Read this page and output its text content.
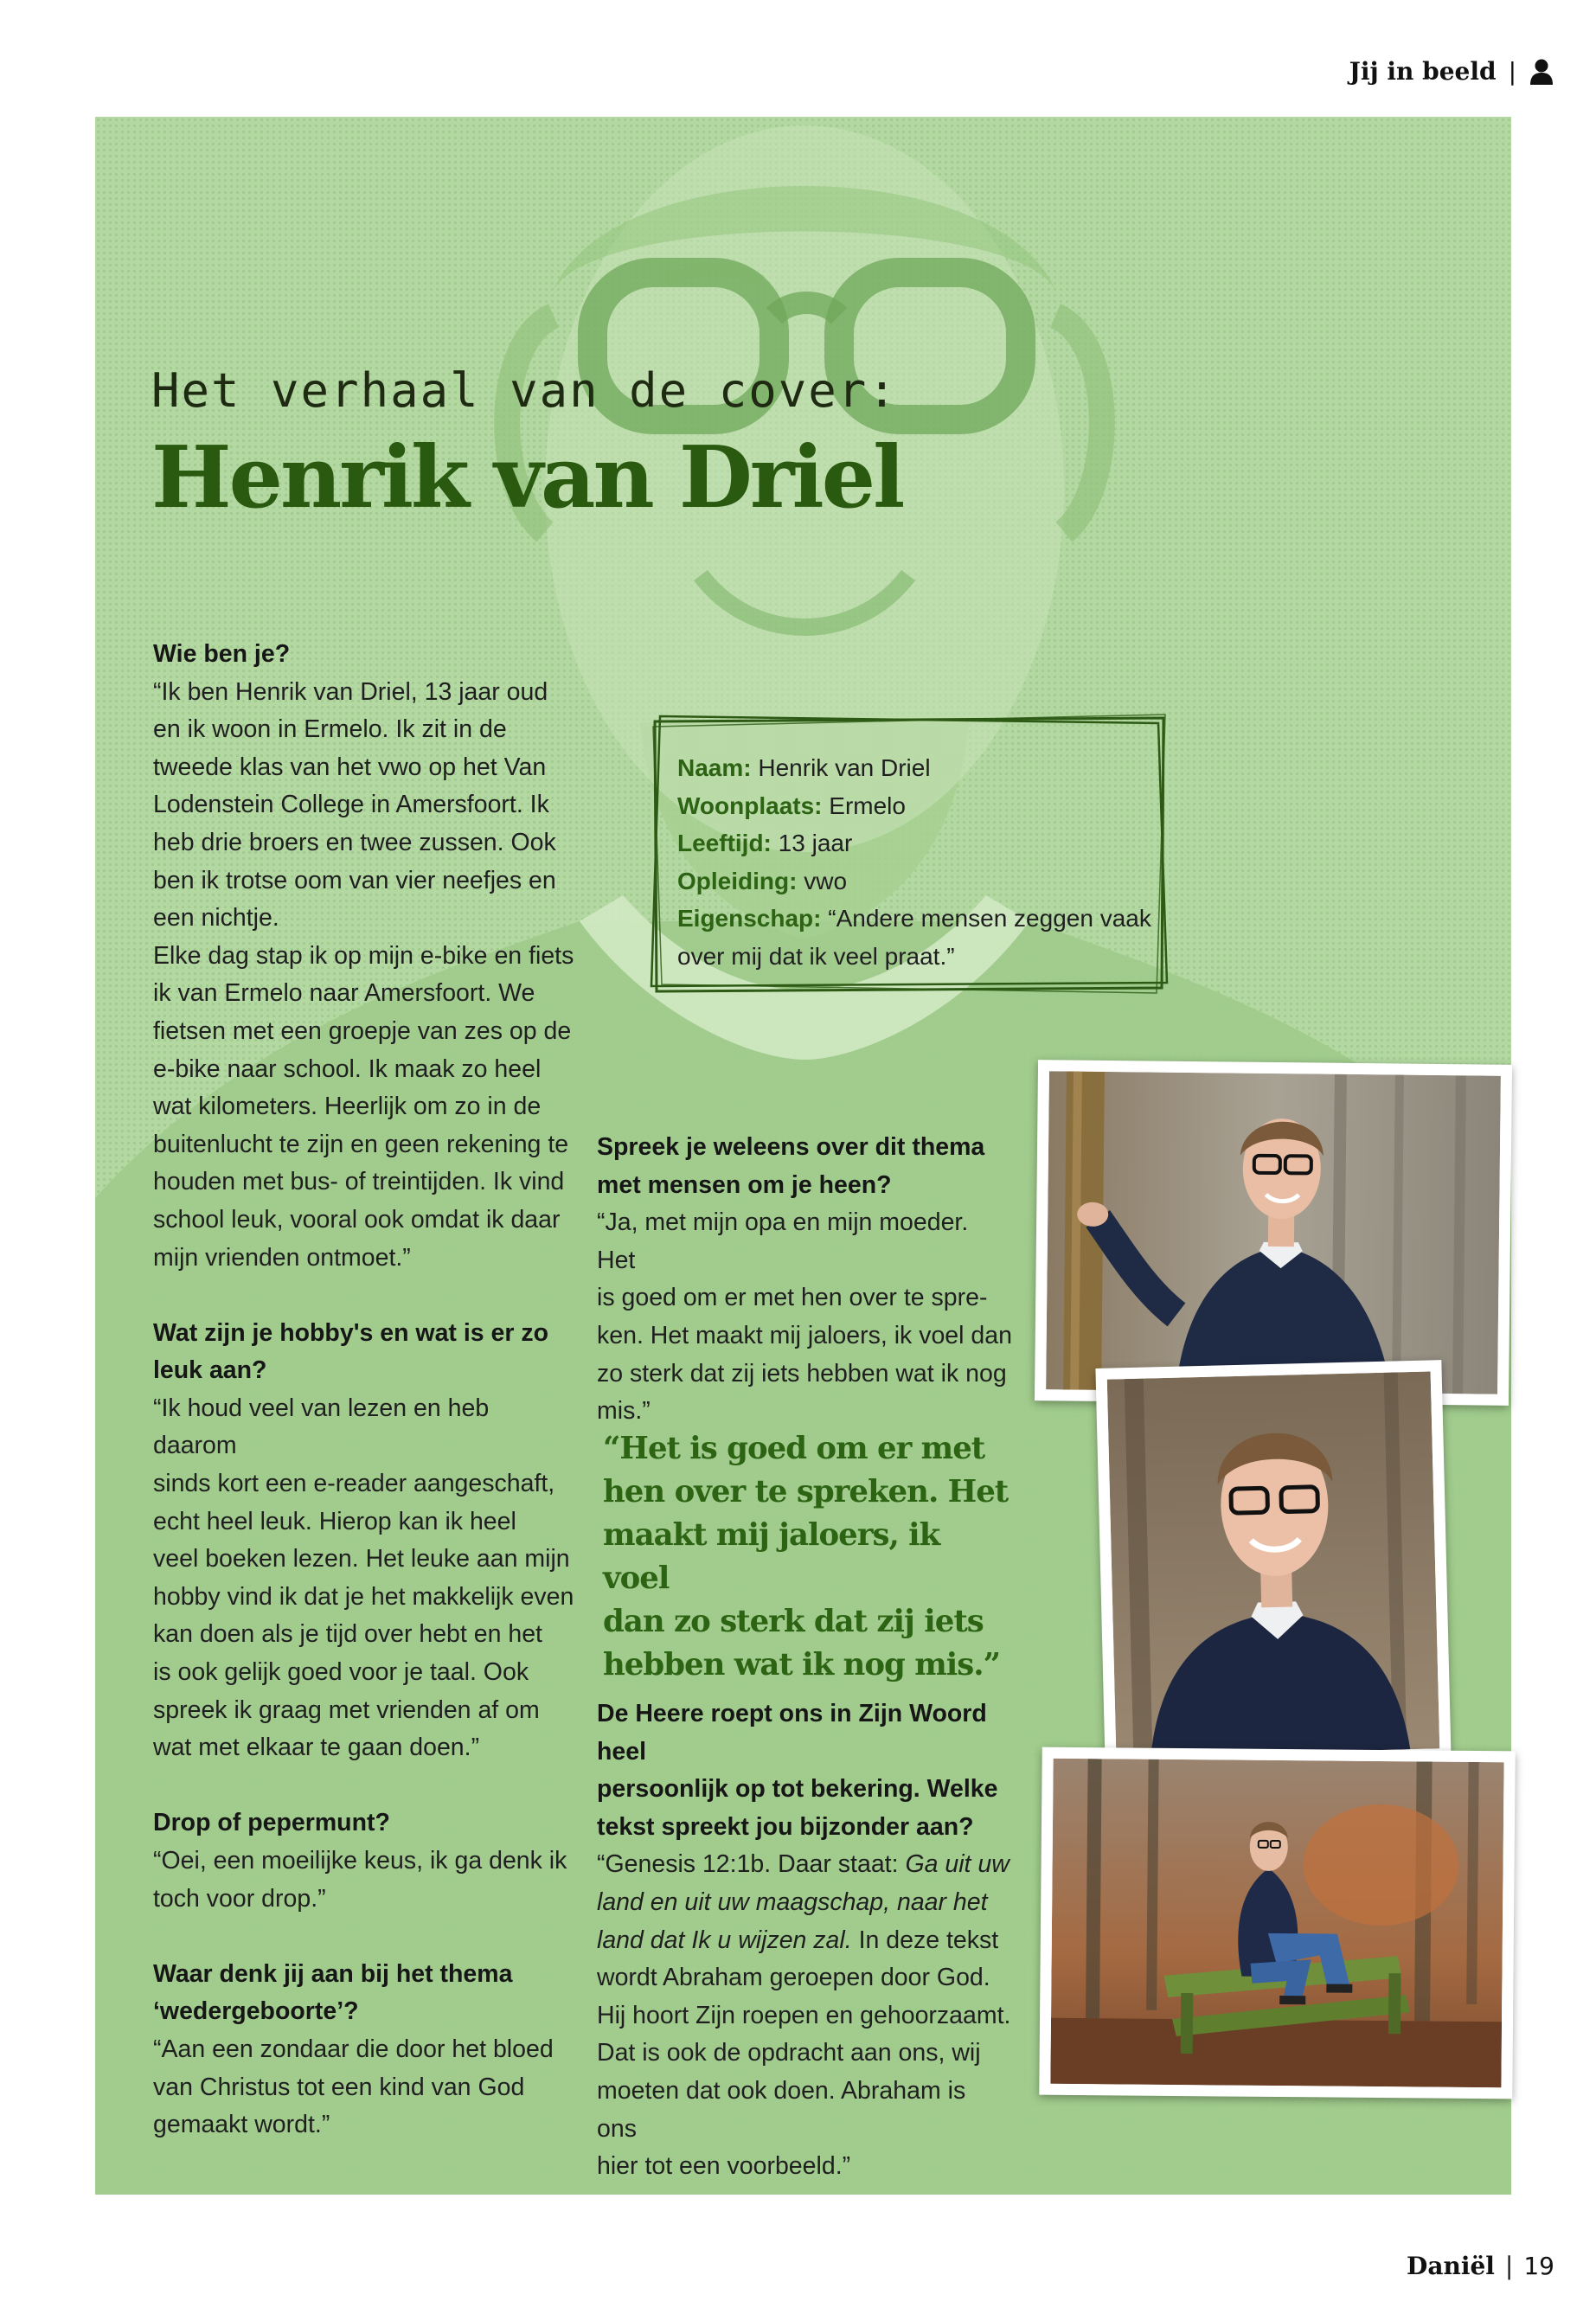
Jij in beeld |
Het verhaal van de cover:
Henrik van Driel
Wie ben je?
“Ik ben Henrik van Driel, 13 jaar oud
en ik woon in Ermelo. Ik zit in de
tweede klas van het vwo op het Van
Lodenstein College in Amersfoort. Ik
heb drie broers en twee zussen. Ook
ben ik trotse oom van vier neefjes en
een nichtje.
Elke dag stap ik op mijn e-bike en fiets
ik van Ermelo naar Amersfoort. We
fietsen met een groepje van zes op de
e-bike naar school. Ik maak zo heel
wat kilometers. Heerlijk om zo in de
buitenlucht te zijn en geen rekening te
houden met bus- of treintijden. Ik vind
school leuk, vooral ook omdat ik daar
mijn vrienden ontmoet.”
Wat zijn je hobby's en wat is er zo
leuk aan?
“Ik houd veel van lezen en heb daarom
sinds kort een e-reader aangeschaft,
echt heel leuk. Hierop kan ik heel
veel boeken lezen. Het leuke aan mijn
hobby vind ik dat je het makkelijk even
kan doen als je tijd over hebt en het
is ook gelijk goed voor je taal. Ook
spreek ik graag met vrienden af om
wat met elkaar te gaan doen.”
Drop of pepermunt?
“Oei, een moeilijke keus, ik ga denk ik
toch voor drop.”
Waar denk jij aan bij het thema
‘wedergeboorte’?
“Aan een zondaar die door het bloed
van Christus tot een kind van God
gemaakt wordt.”
Naam: Henrik van Driel
Woonplaats: Ermelo
Leeftijd: 13 jaar
Opleiding: vwo
Eigenschap: “Andere mensen zeggen vaak
over mij dat ik veel praat.”
Spreek je weleens over dit thema
met mensen om je heen?
“Ja, met mijn opa en mijn moeder. Het
is goed om er met hen over te spre-
ken. Het maakt mij jaloers, ik voel dan
zo sterk dat zij iets hebben wat ik nog
mis.”
“Het is goed om er met
hen over te spreken. Het
maakt mij jaloers, ik voel
dan zo sterk dat zij iets
hebben wat ik nog mis.”
De Heere roept ons in Zijn Woord heel
persoonlijk op tot bekering. Welke
tekst spreekt jou bijzonder aan?
“Genesis 12:1b. Daar staat: Ga uit uw
land en uit uw maagschap, naar het
land dat Ik u wijzen zal. In deze tekst
wordt Abraham geroepen door God.
Hij hoort Zijn roepen en gehoorzaamt.
Dat is ook de opdracht aan ons, wij
moeten dat ook doen. Abraham is ons
hier tot een voorbeeld.”
Daniël | 19
